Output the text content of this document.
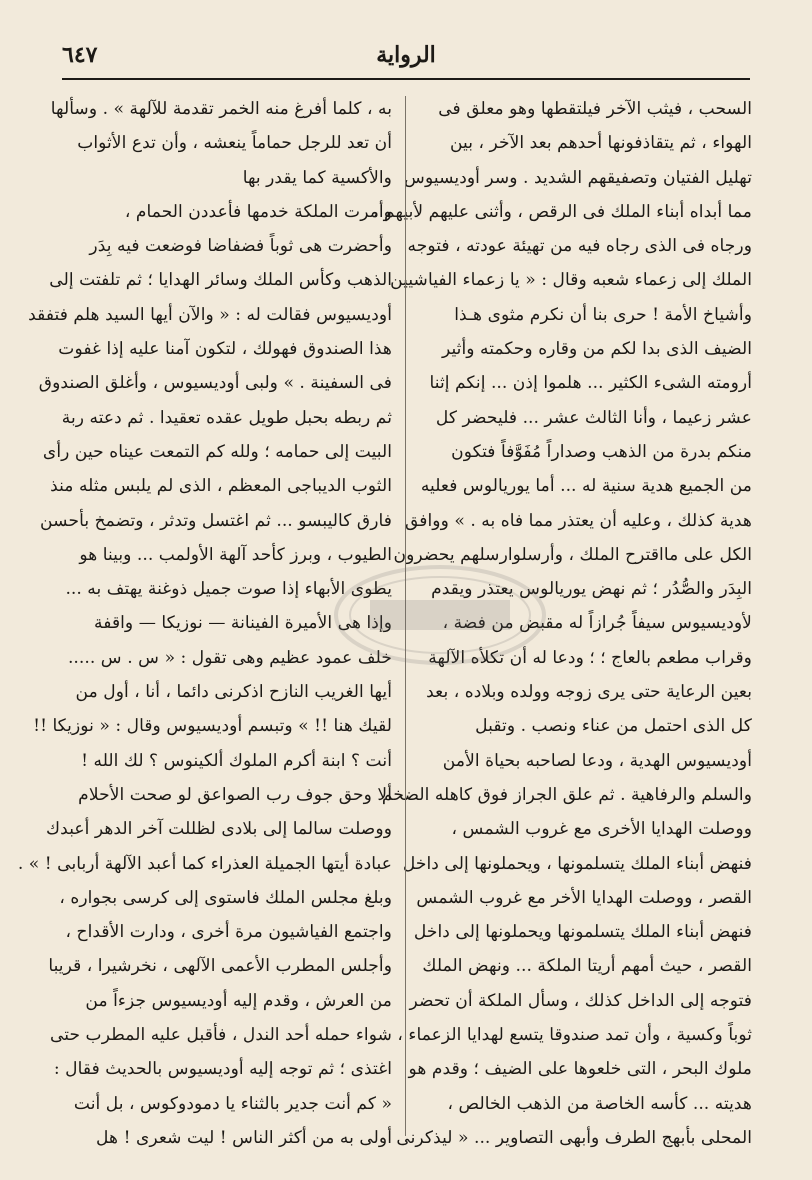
الرواية
٦٤٧
السحب ، فيثب الآخر فيلتقطها وهو معلق فى
الهواء ، ثم يتقاذفونها أحدهم بعد الآخر ، بين
تهليل الفتيان وتصفيقهم الشديد . وسر أوديسيوس
مما أبداه أبناء الملك فى الرقص ، وأثنى عليهم لأبيهم ،
ورجاه فى الذى رجاه فيه من تهيئة عودته ، فتوجه
الملك إلى زعماء شعبه وقال : « يا زعماء الفياشيين
وأشياخ الأمة ! حرى بنا أن نكرم مثوى هـذا
الضيف الذى بدا لكم من وقاره وحكمته وأثير
أرومته الشىء الكثير ... هلموا إذن ... إنكم إثنا
عشر زعيما ، وأنا الثالث عشر ... فليحضر كل
منكم بدرة من الذهب وصداراً مُفَوَّفاً فتكون
من الجميع هدية سنية له ... أما يوريالوس فعليه
هدية كذلك ، وعليه أن يعتذر مما فاه به . » ووافق
الكل على مااقترح الملك ، وأرسلوارسلهم يحضرون
البِدَر والصُّدُر ؛ ثم نهض يوريالوس يعتذر ويقدم
لأوديسيوس سيفاً جُرازاً له مقبض من فضة ،
وقراب مطعم بالعاج ؛ ؛ ودعا له أن تكلأه الآلهة
بعين الرعاية حتى يرى زوجه وولده وبلاده ، بعد
كل الذى احتمل من عناء ونصب . وتقبل
أوديسيوس الهدية ، ودعا لصاحبه بحياة الأمن
والسلم والرفاهية . ثم علق الجراز فوق كاهله الضخم
ووصلت الهدايا الأخرى مع غروب الشمس ،
فنهض أبناء الملك يتسلمونها ، ويحملونها إلى داخل
القصر ، ووصلت الهدايا الأخر مع غروب الشمس
فنهض أبناء الملك يتسلمونها ويحملونها إلى داخل
القصر ، حيث أمهم أريتا الملكة ... ونهض الملك
فتوجه إلى الداخل كذلك ، وسأل الملكة أن تحضر
ثوباً وكسية ، وأن تمد صندوقا يتسع لهدايا الزعماء ،
ملوك البحر ، التى خلعوها على الضيف ؛ وقدم هو
هديته ... كأسه الخاصة من الذهب الخالص ،
المحلى بأبهج الطرف وأبهى التصاوير ... « ليذكرنى
به ، كلما أفرغ منه الخمر تقدمة للآلهة » . وسألها
أن تعد للرجل حماماً ينعشه ، وأن تدع الأثواب
والأكسية كما يقدر بها
وأمرت الملكة خدمها فأعددن الحمام ،
وأحضرت هى ثوباً فضفاضا فوضعت فيه بِدَر
الذهب وكأس الملك وسائر الهدايا ؛ ثم تلفتت إلى
أوديسيوس فقالت له : « والآن أيها السيد هلم فتفقد
هذا الصندوق فهولك ، لتكون آمنا عليه إذا غفوت
فى السفينة . » ولبى أوديسيوس ، وأغلق الصندوق
ثم ربطه بحبل طويل عقده تعقيدا . ثم دعته ربة
البيت إلى حمامه ؛ ولله كم التمعت عيناه حين رأى
الثوب الديباجى المعظم ، الذى لم يلبس مثله منذ
فارق كاليبسو ... ثم اغتسل وتدثر ، وتضمخ بأحسن
الطيوب ، وبرز كأحد آلهة الأولمب ... وبينا هو
يطوى الأبهاء إذا صوت جميل ذوغنة يهتف به ...
وإذا هى الأميرة الفينانة — نوزيكا — واقفة
خلف عمود عظيم وهى تقول : « س . س .....
أيها الغريب النازح اذكرنى دائما ، أنا ، أول من
لقيك هنا !! » وتبسم أوديسيوس وقال : « نوزيكا !!
أنت ؟ ابنة أكرم الملوك ألكينوس ؟ لك الله !
ألا وحق جوف رب الصواعق لو صحت الأحلام
ووصلت سالما إلى بلادى لظللت آخر الدهر أعبدك
عبادة أيتها الجميلة العذراء كما أعبد الآلهة أربابى ! » .
وبلغ مجلس الملك فاستوى إلى كرسى بجواره ،
واجتمع الفياشيون مرة أخرى ، ودارت الأقداح ،
وأجلس المطرب الأعمى الآلهى ، نخرشيرا ، قريبا
من العرش ، وقدم إليه أوديسيوس جزءاً من
شواء حمله أحد الندل ، فأقبل عليه المطرب حتى
اغتذى ؛ ثم توجه إليه أوديسيوس بالحديث فقال :
« كم أنت جدير بالثناء يا دمودوكوس ، بل أنت
أولى به من أكثر الناس ! ليت شعرى ! هل
